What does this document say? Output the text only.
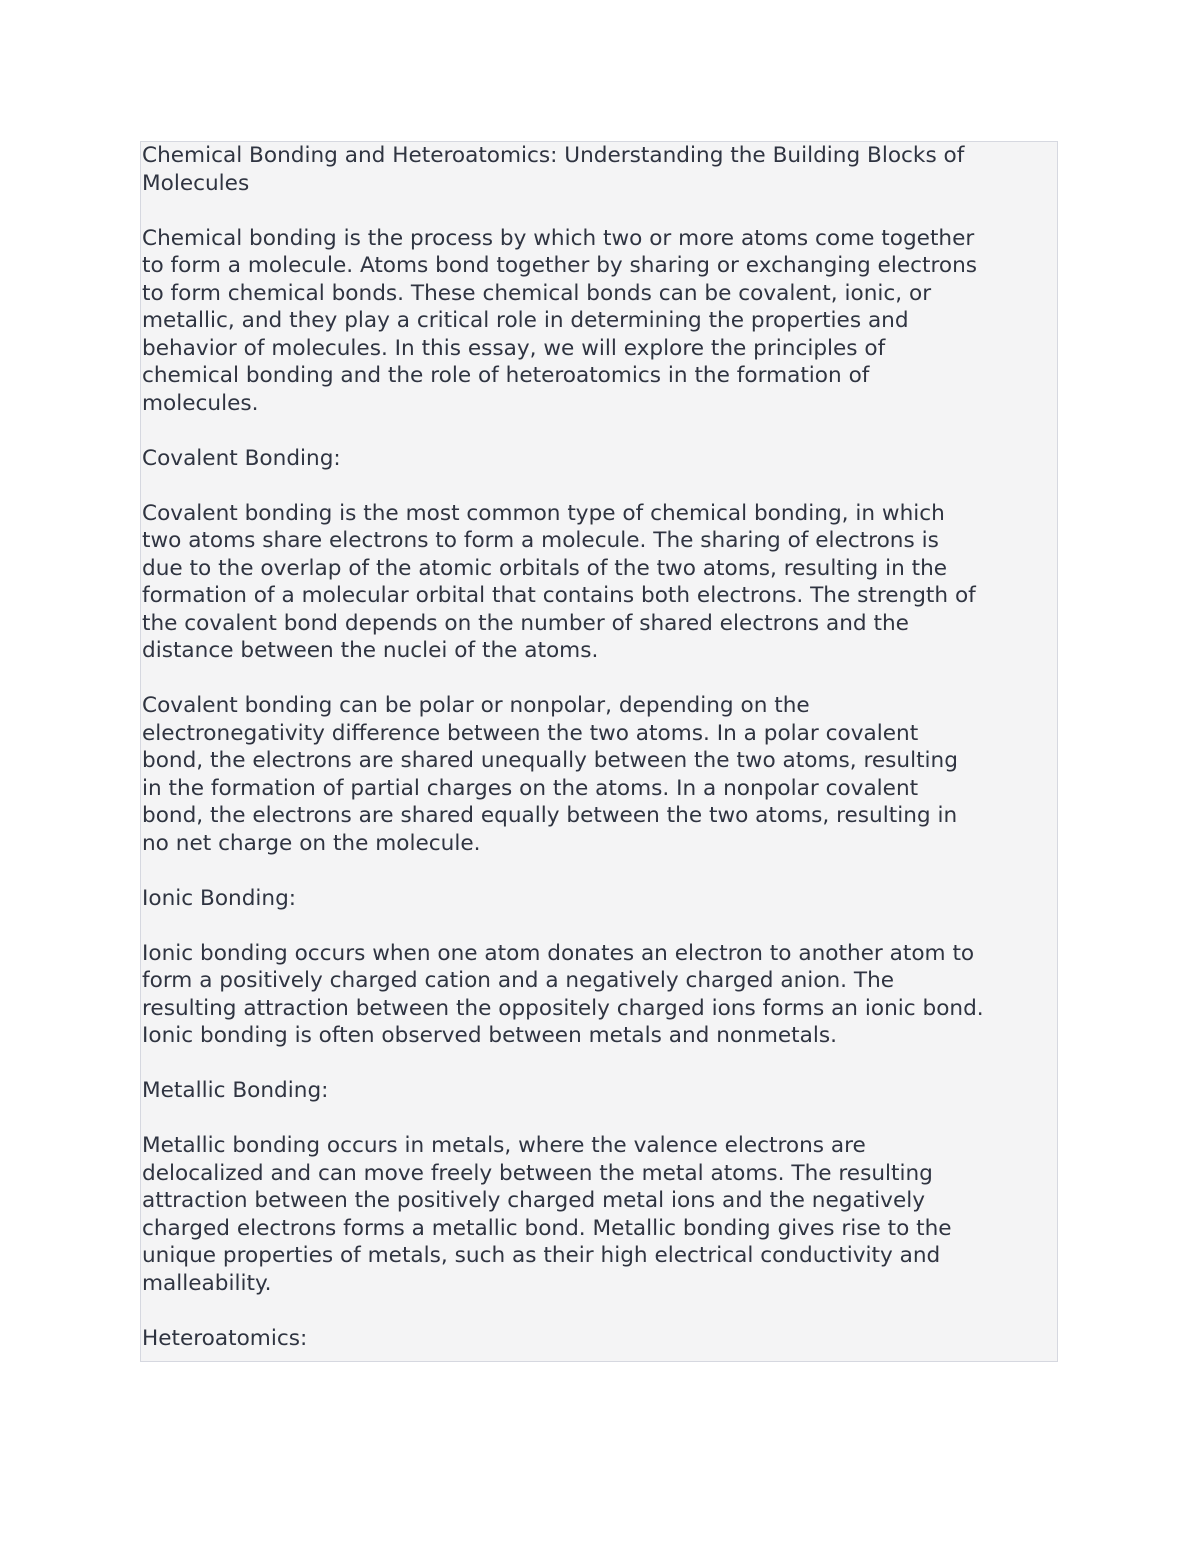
Chemical Bonding and Heteroatomics: Understanding the Building Blocks of
Molecules

Chemical bonding is the process by which two or more atoms come together
to form a molecule. Atoms bond together by sharing or exchanging electrons
to form chemical bonds. These chemical bonds can be covalent, ionic, or
metallic, and they play a critical role in determining the properties and
behavior of molecules. In this essay, we will explore the principles of
chemical bonding and the role of heteroatomics in the formation of
molecules.

Covalent Bonding:

Covalent bonding is the most common type of chemical bonding, in which
two atoms share electrons to form a molecule. The sharing of electrons is
due to the overlap of the atomic orbitals of the two atoms, resulting in the
formation of a molecular orbital that contains both electrons. The strength of
the covalent bond depends on the number of shared electrons and the
distance between the nuclei of the atoms.

Covalent bonding can be polar or nonpolar, depending on the
electronegativity difference between the two atoms. In a polar covalent
bond, the electrons are shared unequally between the two atoms, resulting
in the formation of partial charges on the atoms. In a nonpolar covalent
bond, the electrons are shared equally between the two atoms, resulting in
no net charge on the molecule.

Ionic Bonding:

Ionic bonding occurs when one atom donates an electron to another atom to
form a positively charged cation and a negatively charged anion. The
resulting attraction between the oppositely charged ions forms an ionic bond.
Ionic bonding is often observed between metals and nonmetals.

Metallic Bonding:

Metallic bonding occurs in metals, where the valence electrons are
delocalized and can move freely between the metal atoms. The resulting
attraction between the positively charged metal ions and the negatively
charged electrons forms a metallic bond. Metallic bonding gives rise to the
unique properties of metals, such as their high electrical conductivity and
malleability.

Heteroatomics:
